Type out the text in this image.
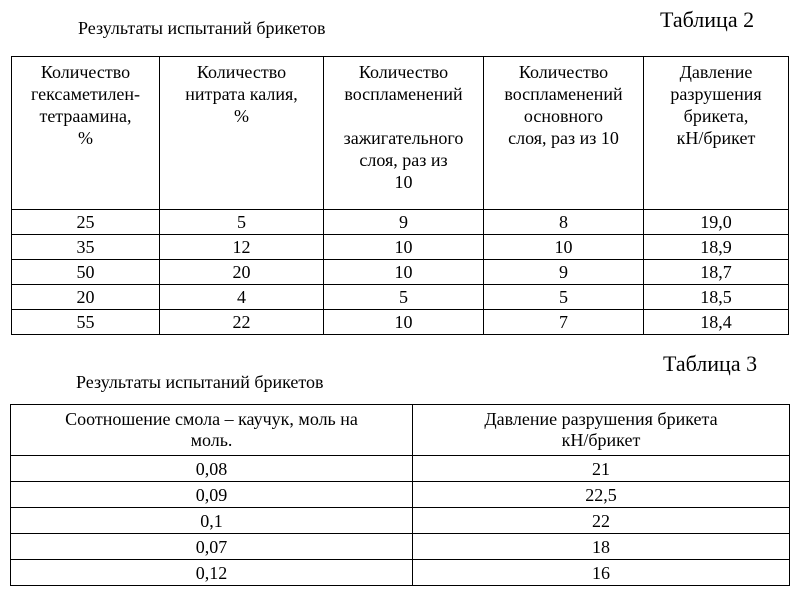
Результаты испытаний брикетов	Таблица 2
Количество
гексаметилен-
тетраамина,
%	Количество
нитрата калия,
%	Количество
воспламенений
зажигательного
слоя, раз из
10	Количество
воспламенений
основного
слоя, раз из 10	Давление
разрушения
брикета,
кН/брикет
25	5	9	8	19,0
35	12	10	10	18,9
50	20	10	9	18,7
20	4	5	5	18,5
55	22	10	7	18,4
Таблица 3
Результаты испытаний брикетов
Соотношение смола – каучук, моль на
моль.	Давление разрушения брикета
кН/брикет
0,08	21
0,09	22,5
0,1	22
0,07	18
0,12	16
